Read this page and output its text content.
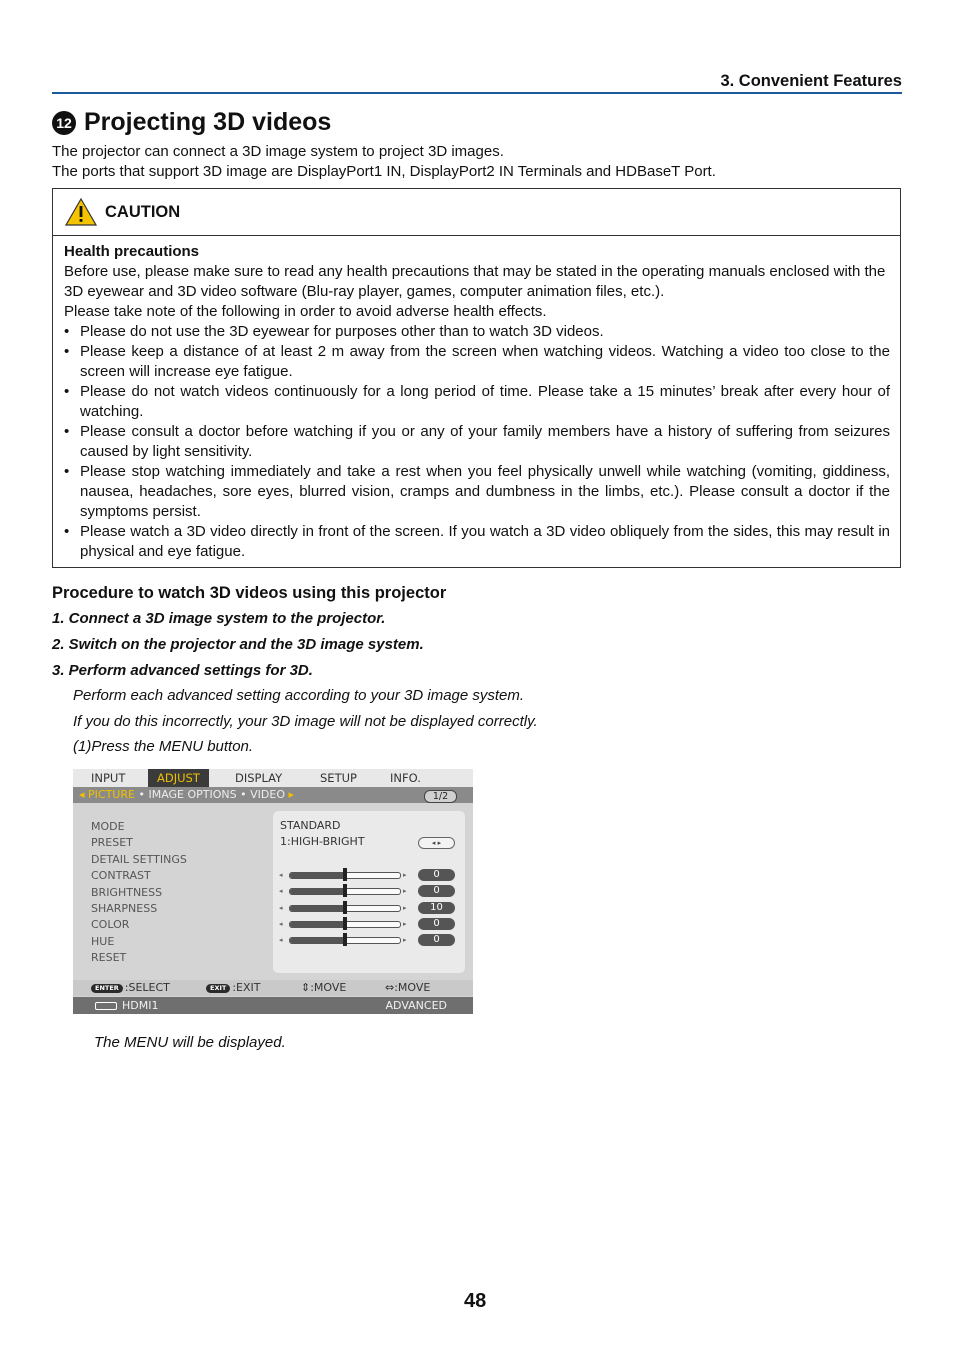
3. Convenient Features
12 Projecting 3D videos

The projector can connect a 3D image system to project 3D images.

The ports that support 3D image are DisplayPort1 IN, DisplayPort2 IN Terminals and HDBaseT Port.

CAUTION

Health precautions

Before use, please make sure to read any health precautions that may be stated in the operating manuals enclosed with the 3D eyewear and 3D video software (Blu-ray player, games, computer animation files, etc.).

Please take note of the following in order to avoid adverse health effects.

• Please do not use the 3D eyewear for purposes other than to watch 3D videos.
• Please keep a distance of at least 2 m away from the screen when watching videos. Watching a video too close to the screen will increase eye fatigue.
• Please do not watch videos continuously for a long period of time. Please take a 15 minutes’ break after every hour of watching.
• Please consult a doctor before watching if you or any of your family members have a history of suffering from seizures caused by light sensitivity.
• Please stop watching immediately and take a rest when you feel physically unwell while watching (vomiting, giddiness, nausea, headaches, sore eyes, blurred vision, cramps and dumbness in the limbs, etc.). Please consult a doctor if the symptoms persist.
• Please watch a 3D video directly in front of the screen. If you watch a 3D video obliquely from the sides, this may result in physical and eye fatigue.
Procedure to watch 3D videos using this projector
1. Connect a 3D image system to the projector.
2. Switch on the projector and the 3D image system.
3. Perform advanced settings for 3D.
Perform each advanced setting according to your 3D image system.
If you do this incorrectly, your 3D image will not be displayed correctly.
(1)Press the MENU button.
INPUT	ADJUST	DISPLAY	SETUP	INFO.
◂ PICTURE • IMAGE OPTIONS • VIDEO ▸	1/2
MODE
PRESET
DETAIL SETTINGS
CONTRAST
BRIGHTNESS
SHARPNESS
COLOR
HUE
RESET
STANDARD
1:HIGH-BRIGHT	◂ ▸
◂	▸	0
◂	▸	0
◂	▸	10
◂	▸	0
◂	▸	0
ENTER :SELECT	EXIT :EXIT	⇕:MOVE	⇔:MOVE
HDMI1	ADVANCED
The MENU will be displayed.
48
